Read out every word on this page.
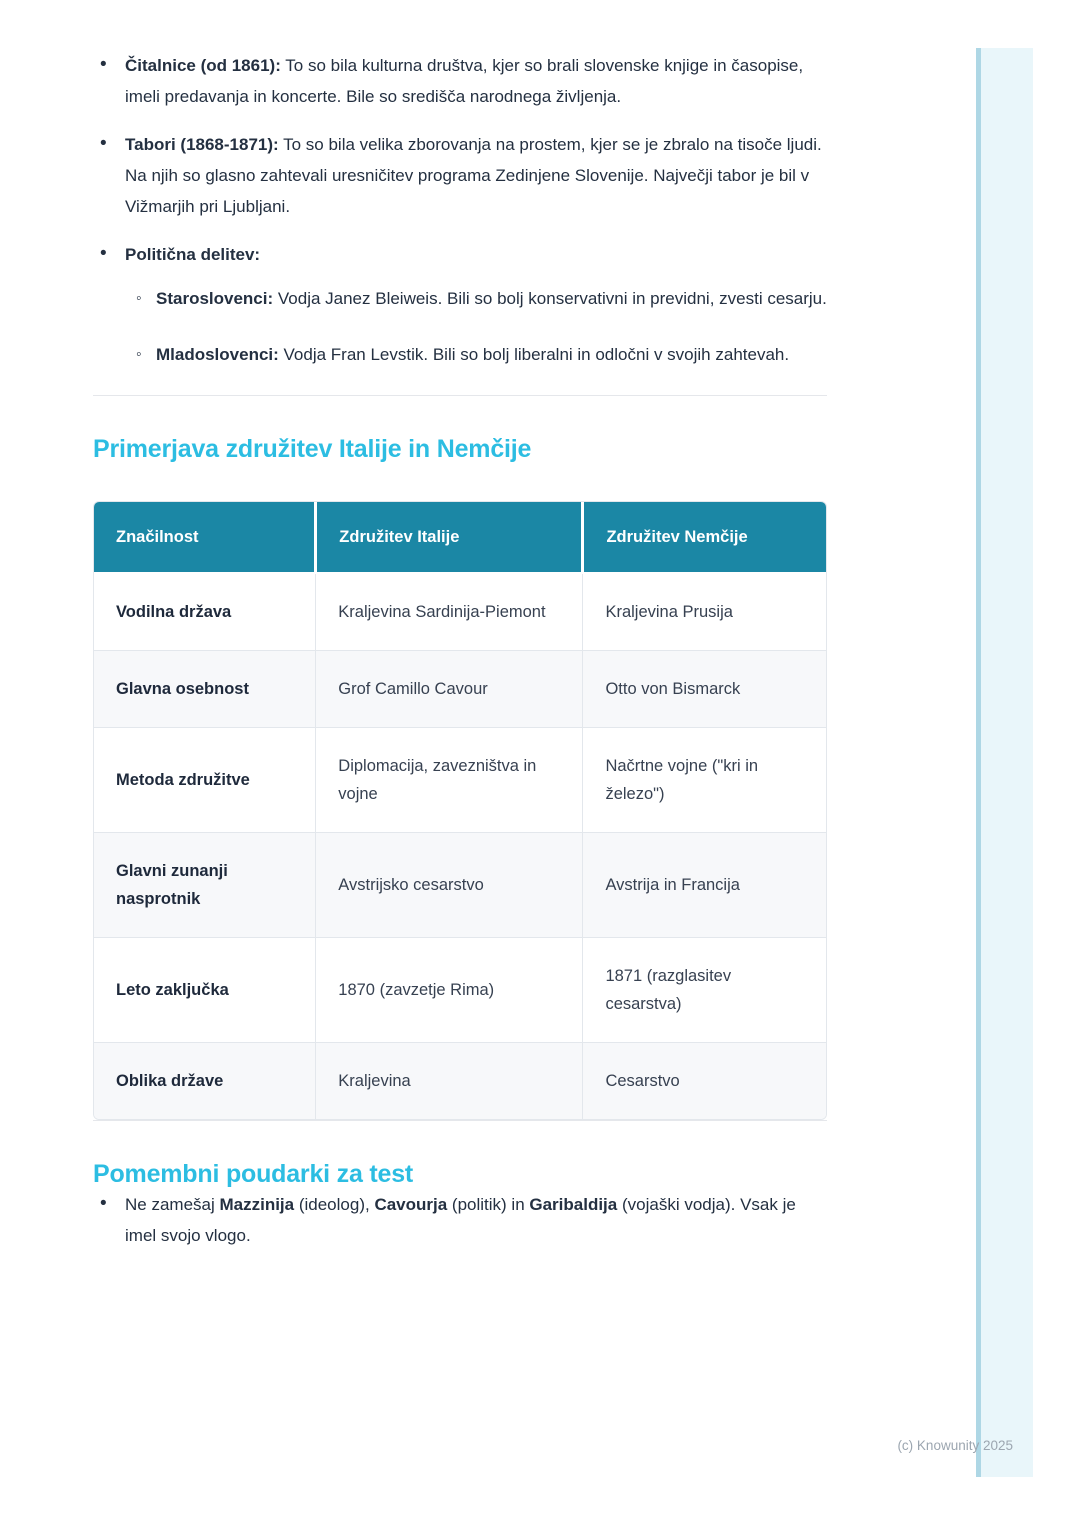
• Čitalnice (od 1861): To so bila kulturna društva, kjer so brali slovenske knjige in časopise, imeli predavanja in koncerte. Bile so središča narodnega življenja.
• Tabori (1868-1871): To so bila velika zborovanja na prostem, kjer se je zbralo na tisoče ljudi. Na njih so glasno zahtevali uresničitev programa Zedinjene Slovenije. Največji tabor je bil v Vižmarjih pri Ljubljani.
• Politična delitev:
◦ Staroslovenci: Vodja Janez Bleiweis. Bili so bolj konservativni in previdni, zvesti cesarju.
◦ Mladoslovenci: Vodja Fran Levstik. Bili so bolj liberalni in odločni v svojih zahtevah.
Primerjava združitev Italije in Nemčije
Značilnost	Združitev Italije	Združitev Nemčije
Vodilna država	Kraljevina Sardinija-Piemont	Kraljevina Prusija
Glavna osebnost	Grof Camillo Cavour	Otto von Bismarck
Metoda združitve	Diplomacija, zavezništva in vojne	Načrtne vojne ("kri in železo")
Glavni zunanji nasprotnik	Avstrijsko cesarstvo	Avstrija in Francija
Leto zaključka	1870 (zavzetje Rima)	1871 (razglasitev cesarstva)
Oblika države	Kraljevina	Cesarstvo
Pomembni poudarki za test
• Ne zamešaj Mazzinija (ideolog), Cavourja (politik) in Garibaldija (vojaški vodja). Vsak je imel svojo vlogo.
(c) Knowunity 2025
